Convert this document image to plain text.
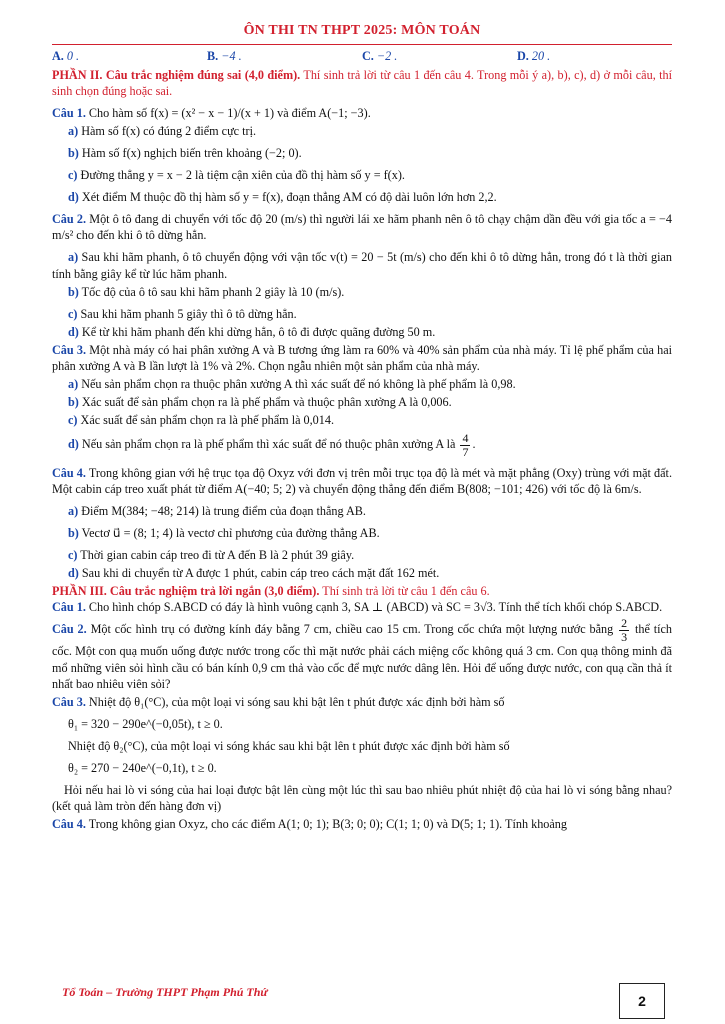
ÔN THI TN THPT 2025: MÔN TOÁN
A. 0 .	B. −4 .	C. −2 .	D. 20 .

PHẦN II. Câu trắc nghiệm đúng sai (4,0 điểm). Thí sinh trả lời từ câu 1 đến câu 4. Trong mỗi ý a), b), c), d) ở mỗi câu, thí sinh chọn đúng hoặc sai.

Câu 1. Cho hàm số f(x) = (x² − x − 1)/(x + 1) và điểm A(−1; −3).

a) Hàm số f(x) có đúng 2 điểm cực trị.

b) Hàm số f(x) nghịch biến trên khoảng (−2; 0).

c) Đường thẳng y = x − 2 là tiệm cận xiên của đồ thị hàm số y = f(x).

d) Xét điểm M thuộc đồ thị hàm số y = f(x), đoạn thẳng AM có độ dài luôn lớn hơn 2,2.

Câu 2. Một ô tô đang di chuyển với tốc độ 20 (m/s) thì người lái xe hãm phanh nên ô tô chạy chậm dần đều với gia tốc a = −4 m/s² cho đến khi ô tô dừng hẳn.

a) Sau khi hãm phanh, ô tô chuyển động với vận tốc v(t) = 20 − 5t (m/s) cho đến khi ô tô dừng hẳn, trong đó t là thời gian tính bằng giây kể từ lúc hãm phanh.

b) Tốc độ của ô tô sau khi hãm phanh 2 giây là 10 (m/s).

c) Sau khi hãm phanh 5 giây thì ô tô dừng hẳn.

d) Kể từ khi hãm phanh đến khi dừng hẳn, ô tô đi được quãng đường 50 m.

Câu 3. Một nhà máy có hai phân xưởng A và B tương ứng làm ra 60% và 40% sản phẩm của nhà máy. Tỉ lệ phế phẩm của hai phân xưởng A và B lần lượt là 1% và 2%. Chọn ngẫu nhiên một sản phẩm của nhà máy.

a) Nếu sản phẩm chọn ra thuộc phân xưởng A thì xác suất để nó không là phế phẩm là 0,98.

b) Xác suất để sản phẩm chọn ra là phế phẩm và thuộc phân xưởng A là 0,006.

c) Xác suất để sản phẩm chọn ra là phế phẩm là 0,014.

d) Nếu sản phẩm chọn ra là phế phẩm thì xác suất để nó thuộc phân xưởng A là $\frac{4}{7}$ .

Câu 4. Trong không gian với hệ trục tọa độ Oxyz với đơn vị trên mỗi trục tọa độ là mét và mặt phẳng (Oxy) trùng với mặt đất. Một cabin cáp treo xuất phát từ điểm A(−40; 5; 2) và chuyển động thẳng đến điểm B(808; −101; 426) với tốc độ là 6m/s.

a) Điểm M(384; −48; 214) là trung điểm của đoạn thẳng AB.

b) Vectơ u⃗ = (8; 1; 4) là vectơ chỉ phương của đường thẳng AB.

c) Thời gian cabin cáp treo đi từ A đến B là 2 phút 39 giây.

d) Sau khi di chuyển từ A được 1 phút, cabin cáp treo cách mặt đất 162 mét.

PHẦN III. Câu trắc nghiệm trả lời ngắn (3,0 điểm). Thí sinh trả lời từ câu 1 đến câu 6.

Câu 1. Cho hình chóp S.ABCD có đáy là hình vuông cạnh 3, SA ⊥ (ABCD) và SC = 3√3. Tính thể tích khối chóp S.ABCD.

Câu 2. Một cốc hình trụ có đường kính đáy bằng 7 cm, chiều cao 15 cm. Trong cốc chứa một lượng nước bằng $\frac{2}{3}$ thể tích cốc. Một con quạ muốn uống được nước trong cốc thì mặt nước phải cách miệng cốc không quá 3 cm. Con quạ thông minh đã mổ những viên sỏi hình cầu có bán kính 0,9 cm thả vào cốc để mực nước dâng lên. Hỏi để uống được nước, con quạ cần thả ít nhất bao nhiêu viên sỏi?

Câu 3. Nhiệt độ θ₁(°C), của một loại vi sóng sau khi bật lên t phút được xác định bởi hàm số

θ₁ = 320 − 290e^(−0,05t), t ≥ 0.

Nhiệt độ θ₂(°C), của một loại vi sóng khác sau khi bật lên t phút được xác định bởi hàm số

θ₂ = 270 − 240e^(−0,1t), t ≥ 0.

Hỏi nếu hai lò vi sóng của hai loại được bật lên cùng một lúc thì sau bao nhiêu phút nhiệt độ của hai lò vi sóng bằng nhau? (kết quả làm tròn đến hàng đơn vị)

Câu 4. Trong không gian Oxyz, cho các điểm A(1; 0; 1); B(3; 0; 0); C(1; 1; 0) và D(5; 1; 1). Tính khoảng

Tổ Toán – Trường THPT Phạm Phú Thứ
2
